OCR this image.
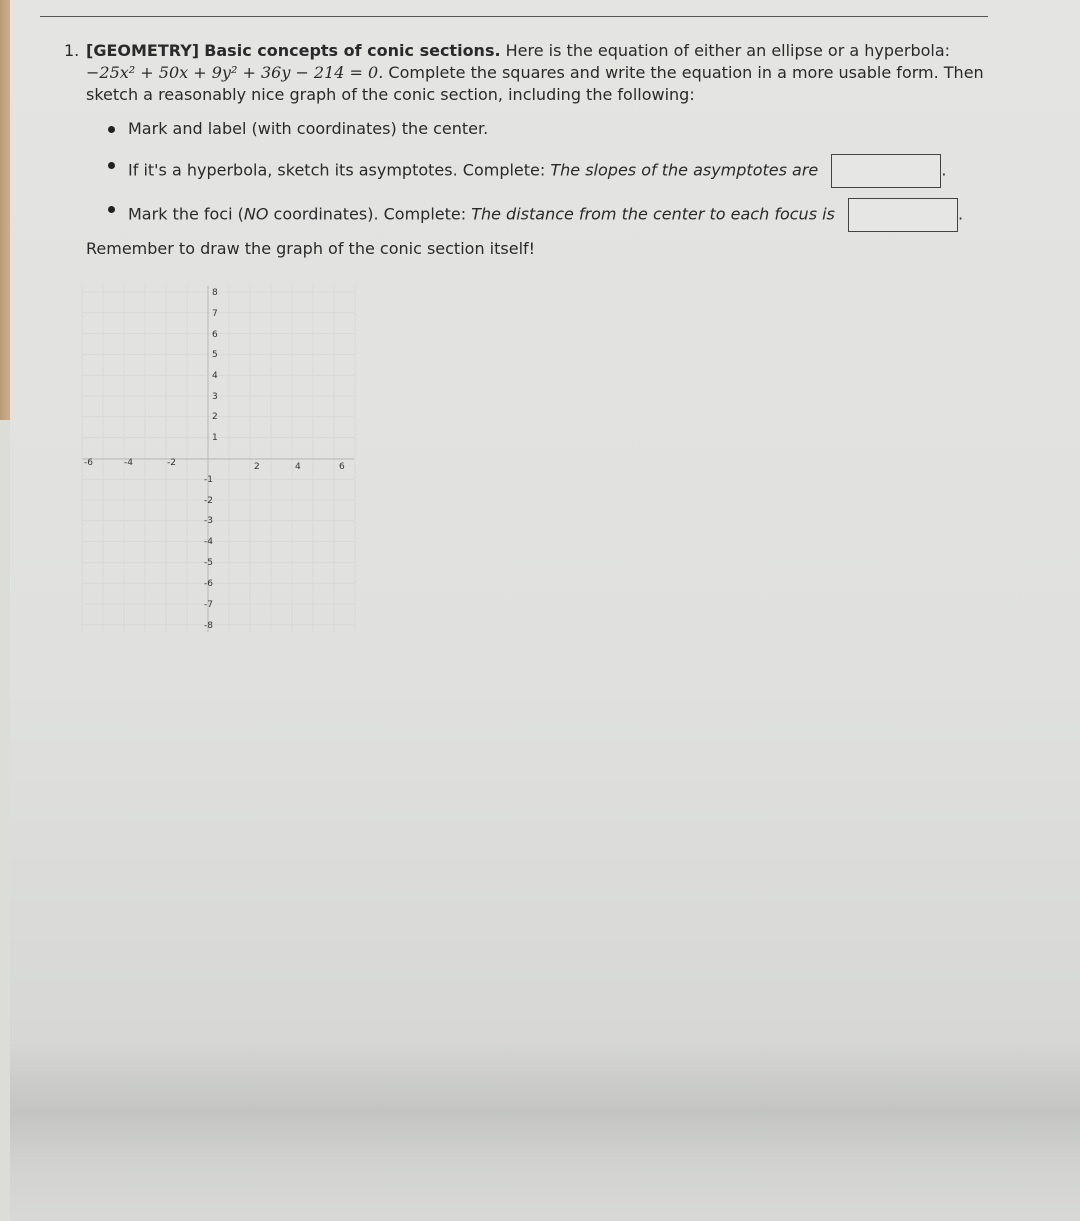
1. [GEOMETRY] Basic concepts of conic sections. Here is the equation of either an ellipse or a hyperbola:

−25x² + 50x + 9y² + 36y − 214 = 0. Complete the squares and write the equation in a more usable form. Then

sketch a reasonably nice graph of the conic section, including the following:

Mark and label (with coordinates) the center.
If it's a hyperbola, sketch its asymptotes. Complete: The slopes of the asymptotes are	.
Mark the foci (NO coordinates). Complete: The distance from the center to each focus is	.

Remember to draw the graph of the conic section itself!

8
7
6
5
4
3
2
1
-1
-2
-3
-4
-5
-6
-7
-8
-6	-4	-2	2	4	6
